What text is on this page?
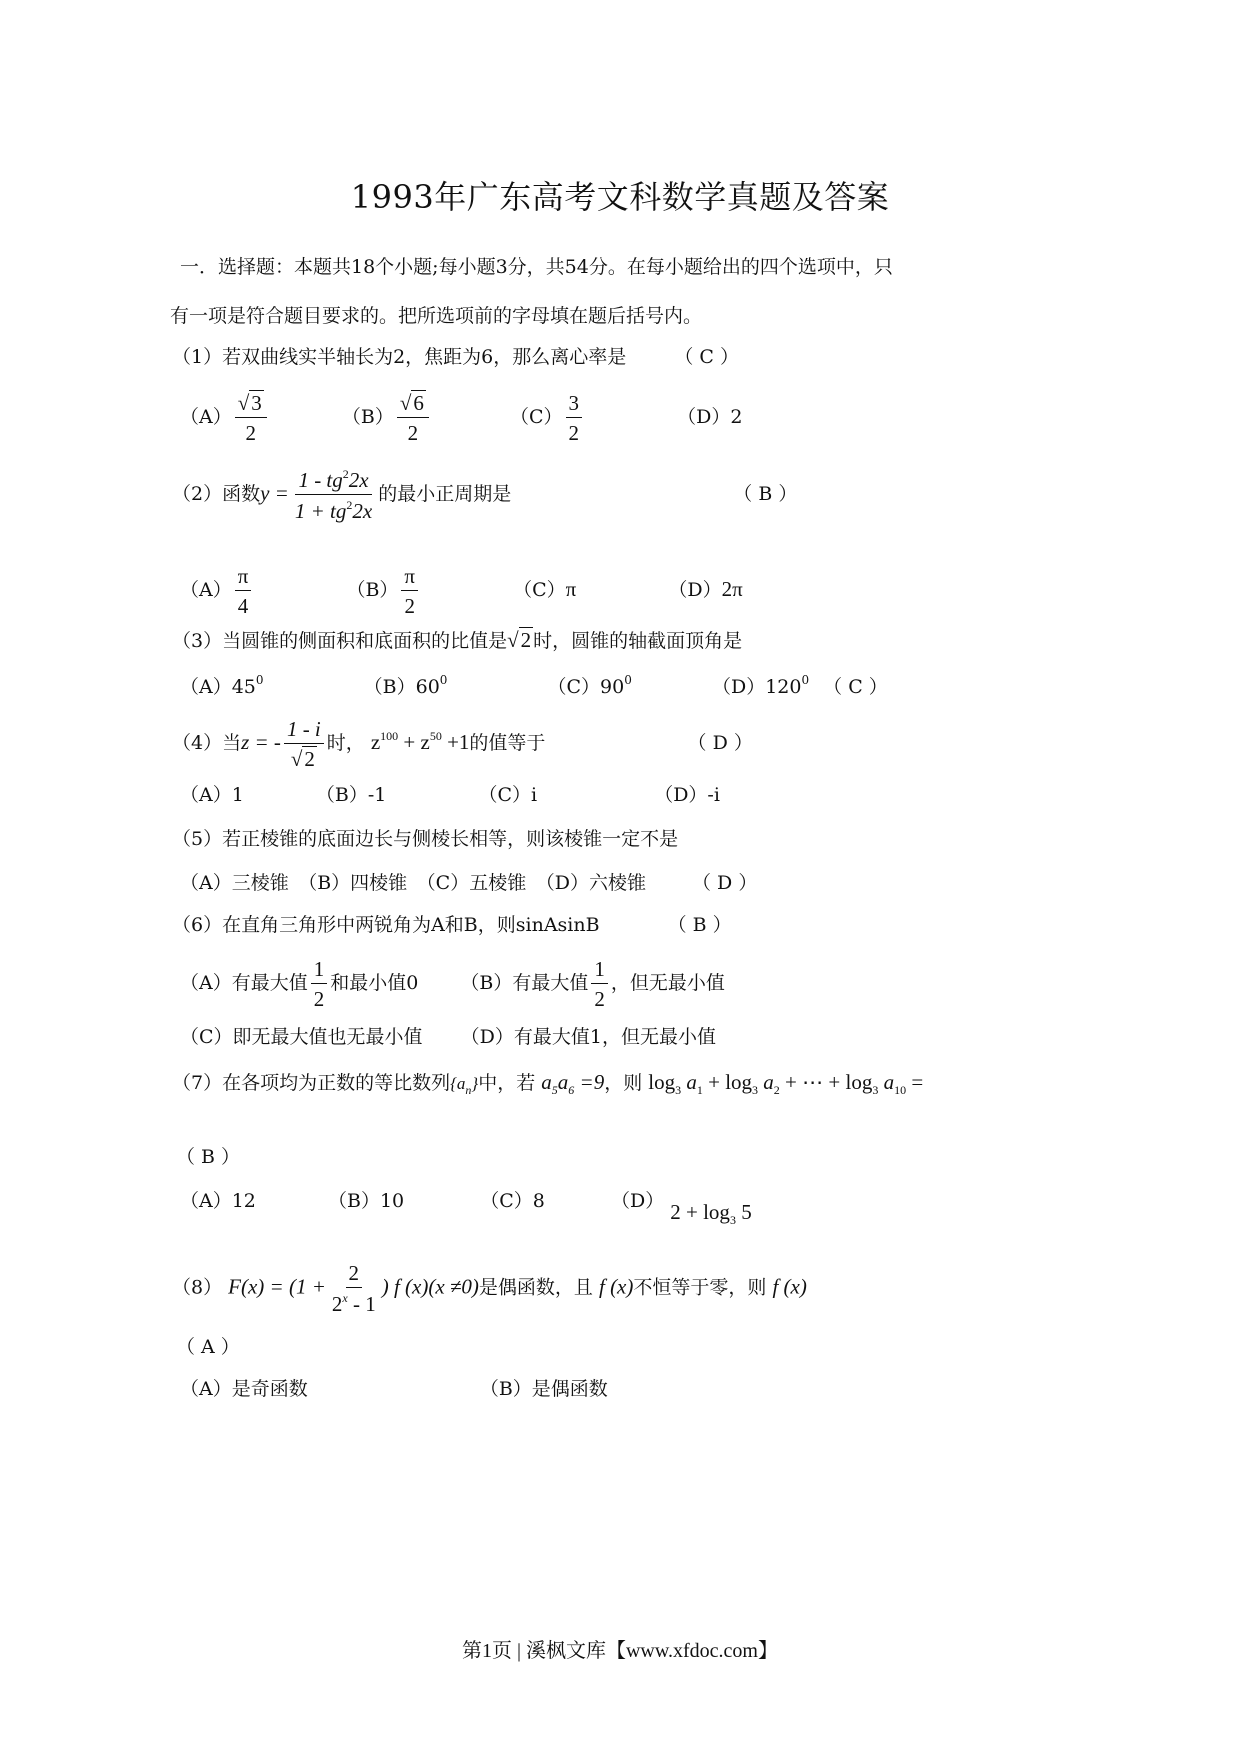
1993年广东高考文科数学真题及答案
一．选择题：本题共18个小题;每小题3分，共54分。在每小题给出的四个选项中，只
有一项是符合题目要求的。把所选项前的字母填在题后括号内。
（1）若双曲线实半轴长为2，焦距为6，那么离心率是	（ C ）
$(A) \frac{√3}{2}$	$(B) \frac{√6}{2}$	$(C) \frac{3}{2}$	（D）2
（2）函数$y = \frac{1 - tg^22x}{1 + tg^22x}$ 的最小正周期是	（ B ）
$(A) \frac{\pi}{4}$	$(B) \frac{\pi}{2}$	（C）π	（D）2π
（3）当圆锥的侧面积和底面积的比值是√2 时，圆锥的轴截面顶角是
$(A)45^0$	$(B)60^0$	$(C)90^0$	$(D)120^0$ （ C ）
（4）当z = - $\frac{1 - i}{√2}$ 时， $z^{100} + z^{50} +1$的值等于	（ D ）
（A）1	（B）-1	（C）i	（D）-i
（5）若正棱锥的底面边长与侧棱长相等，则该棱锥一定不是
（A）三棱锥　（B）四棱锥　（C）五棱锥　（D）六棱锥 （ D ）
（6）在直角三角形中两锐角为A和B，则sinAsinB	（ B ）
（A）有最大值 $\frac{1}{2}$ 和最小值0 （B）有最大值 $\frac{1}{2}$ ，但无最小值
（C）即无最大值也无最小值 （D）有最大值1，但无最小值
（7）在各项均为正数的等比数列$\{a_n\}$中，若 $a_5a_6 =9$，则 $\log_3 a_1 + \log_3 a_2$ + ⋯ + $\log_3 a_{10}$ =
（ B ）
（A）12	（B）10	（C）8	（D） $2 + \log_3 5$
（8） $F(x) = (1 + \frac{2}{2^x - 1}$ ) f (x)(x ≠0)是偶函数，且 f (x)不恒等于零，则 f (x)
（ A ）
（A）是奇函数	（B）是偶函数
第1页 | 溪枫文库【www.xfdoc.com】
